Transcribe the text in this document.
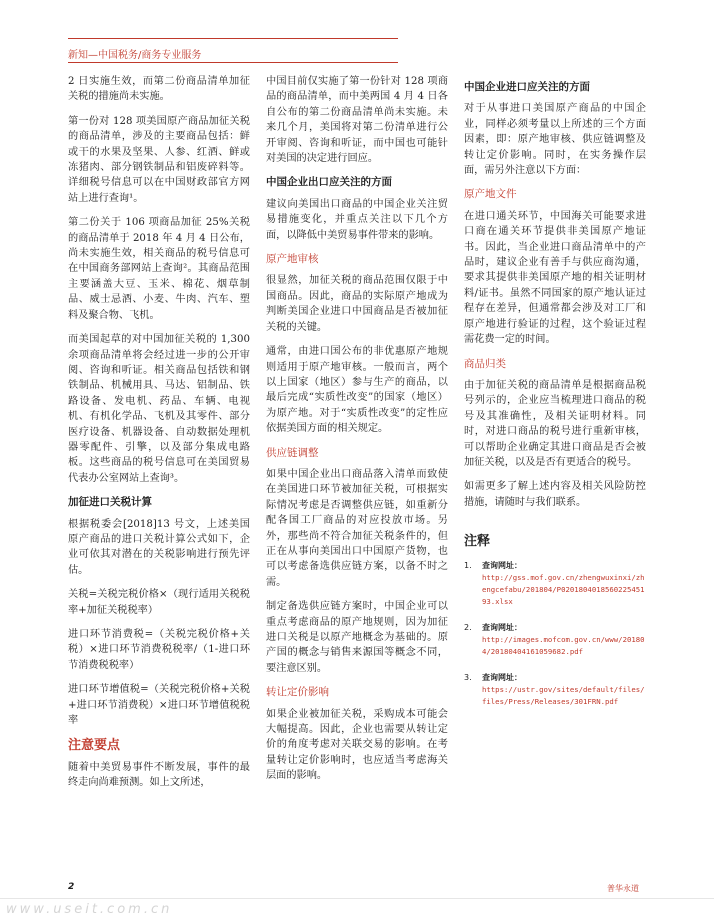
新知—中国税务/商务专业服务

2 日实施生效，而第二份商品清单加征关税的措施尚未实施。

第一份对 128 项美国原产商品加征关税的商品清单，涉及的主要商品包括：鲜或干的水果及坚果、人参、红酒、鲜或冻猪肉、部分钢铁制品和铝废碎料等。详细税号信息可以在中国财政部官方网站上进行查询¹。

第二份关于 106 项商品加征 25%关税的商品清单于 2018 年 4 月 4 日公布，尚未实施生效，相关商品的税号信息可在中国商务部网站上查询²。其商品范围主要涵盖大豆、玉米、棉花、烟草制品、威士忌酒、小麦、牛肉、汽车、塑料及聚合物、飞机。

而美国起草的对中国加征关税的 1,300 余项商品清单将会经过进一步的公开审阅、咨询和听证。相关商品包括铁和钢铁制品、机械用具、马达、铝制品、铁路设备、发电机、药品、车辆、电视机、有机化学品、飞机及其零件、部分医疗设备、机器设备、自动数据处理机器零配件、引擎，以及部分集成电路板。这些商品的税号信息可在美国贸易代表办公室网站上查询³。

加征进口关税计算

根据税委会[2018]13 号文，上述美国原产商品的进口关税计算公式如下，企业可依其对潜在的关税影响进行预先评估。

关税=关税完税价格×（现行适用关税税率+加征关税税率）

进口环节消费税=（关税完税价格+关税）×进口环节消费税税率/（1-进口环节消费税税率）

进口环节增值税=（关税完税价格+关税+进口环节消费税）×进口环节增值税税率

注意要点

随着中美贸易事件不断发展，事件的最终走向尚难预测。如上文所述，

中国目前仅实施了第一份针对 128 项商品的商品清单，而中美两国 4 月 4 日各自公布的第二份商品清单尚未实施。未来几个月，美国将对第二份清单进行公开审阅、咨询和听证，而中国也可能针对美国的决定进行回应。

中国企业出口应关注的方面

建议向美国出口商品的中国企业关注贸易措施变化，并重点关注以下几个方面，以降低中美贸易事件带来的影响。

原产地审核

很显然，加征关税的商品范围仅限于中国商品。因此，商品的实际原产地成为判断美国企业进口中国商品是否被加征关税的关键。

通常，由进口国公布的非优惠原产地规则适用于原产地审核。一般而言，两个以上国家（地区）参与生产的商品，以最后完成“实质性改变”的国家（地区）为原产地。对于“实质性改变”的定性应依据美国方面的相关规定。

供应链调整

如果中国企业出口商品落入清单而致使在美国进口环节被加征关税，可根据实际情况考虑是否调整供应链，如重新分配各国工厂商品的对应投放市场。另外，那些尚不符合加征关税条件的，但正在从事向美国出口中国原产货物，也可以考虑备选供应链方案，以备不时之需。

制定备选供应链方案时，中国企业可以重点考虑商品的原产地规则，因为加征进口关税是以原产地概念为基础的。原产国的概念与销售来源国等概念不同，要注意区别。

转让定价影响

如果企业被加征关税，采购成本可能会大幅提高。因此，企业也需要从转让定价的角度考虑对关联交易的影响。在考量转让定价影响时，也应适当考虑海关层面的影响。

中国企业进口应关注的方面

对于从事进口美国原产商品的中国企业，同样必须考量以上所述的三个方面因素，即：原产地审核、供应链调整及转让定价影响。同时，在实务操作层面，需另外注意以下方面：

原产地文件

在进口通关环节，中国海关可能要求进口商在通关环节提供非美国原产地证书。因此，当企业进口商品清单中的产品时，建议企业有善手与供应商沟通，要求其提供非美国原产地的相关证明材料/证书。虽然不同国家的原产地认证过程存在差异，但通常都会涉及对工厂和原产地进行验证的过程，这个验证过程需花费一定的时间。

商品归类

由于加征关税的商品清单是根据商品税号列示的，企业应当梳理进口商品的税号及其准确性，及相关证明材料。同时，对进口商品的税号进行重新审核，可以帮助企业确定其进口商品是否会被加征关税，以及是否有更适合的税号。

如需更多了解上述内容及相关风险防控措施，请随时与我们联系。

注释
1.	查询网址：
http://gss.mof.gov.cn/zhengwuxinxi/zhengcefabu/201804/P020180401856022545193.xlsx
2.	查询网址：
http://images.mofcom.gov.cn/www/201804/20180404161059682.pdf
3.	查询网址：
https://ustr.gov/sites/default/files/files/Press/Releases/301FRN.pdf
2	普华永道
www.useit.com.cn
